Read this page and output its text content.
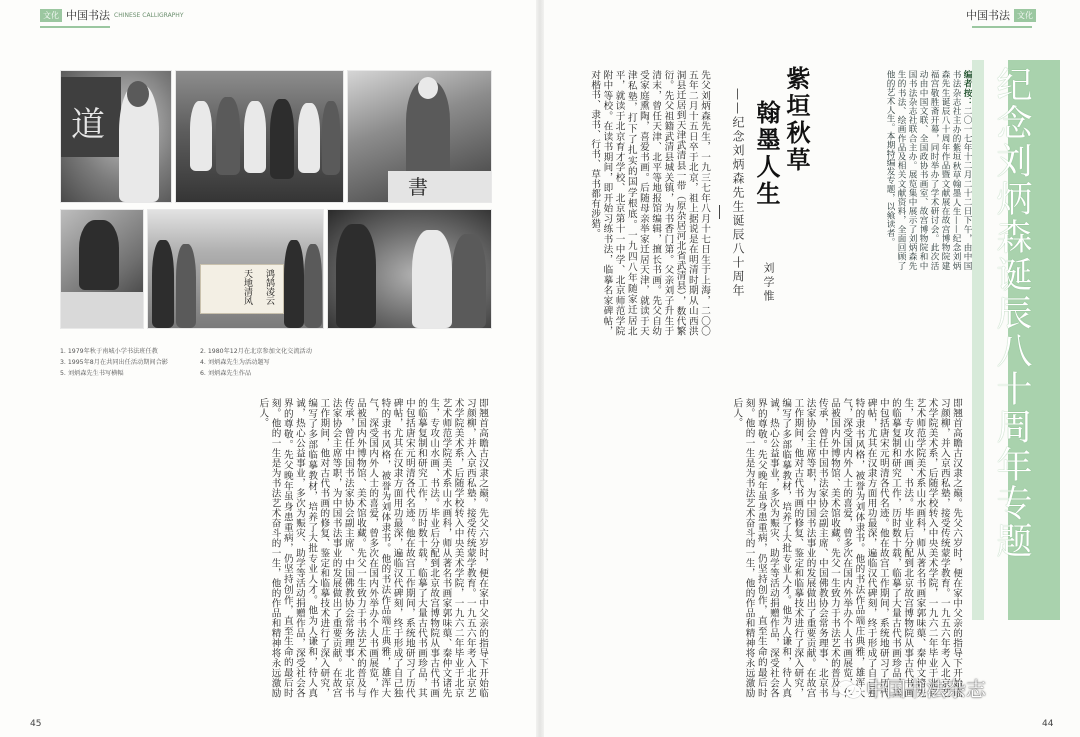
文化 中国书法 CHINESE CALLIGRAPHY	中国书法 文化
道
書
鸿鹄凌云
天地清风
1. 1979年秋于南城小学书法班任教	2. 1980年12月在北京参加文化交流活动
3. 1995年8月在共同出任活动期间合影	4. 刘炳森先生为活动题写
5. 刘炳森先生书写横幅	6. 刘炳森先生作品
即翘首高瞻古汉隶之巅。先父六岁时，便在家中父亲的指导下开始临习颜柳，并入京西私塾，接受传统蒙学教育。一九五六年考入北京艺术学院美术系，后随学校转入中央美术学院，一九六二年毕业于北京艺术师范学院美术系山水画科，师从著名书画家郭味蕖、秦仲文诸先生，专攻山水画、书法。毕业后分配到北京故宫博物院从事古代书画的临摹复制和研究工作，历时数十载，临摹了大量古代书画珍品，其中包括唐宋元明清各代名迹。他在故宫工作期间，系统地研习了历代碑帖，尤其在汉隶方面用功最深，遍临汉代碑刻，终于形成了自己独特的隶书风格，被誉为刘体隶书。他的书法作品端庄典雅，雄浑大气，深受国内外人士的喜爱，曾多次在国内外举办个人书画展览，作品被国内外博物馆、美术馆收藏。先父一生致力于书法艺术的普及与传承，曾任中国书法家协会副主席、中国佛教协会常务理事、北京书法家协会主席等职，为中国书法事业的发展做出了重要贡献。在故宫工作期间，他对古代书画的修复、鉴定和临摹技术进行了深入研究，编写了多部临摹教材，培养了大批专业人才。他为人谦和，待人真诚，热心公益事业，多次为赈灾、助学等活动捐赠作品，深受社会各界的尊敬。先父晚年虽身患重病，仍坚持创作，直至生命的最后时刻。他的一生是为书法艺术奋斗的一生，他的作品和精神将永远激励后人。
先父刘炳森先生，一九三七年八月十七日生于上海，二〇〇五年二月十五日卒于北京，祖上据说是在明清时期从山西洪洞县迁居到天津武清县一带（原杂居河北省武清县），数代繁衍。先父祖籍武清县城关镇，为书香门第。父亲刘子升生于清末，曾任天津、北平等地报馆编辑，擅长书画。先父自幼受家庭熏陶，喜爱书画。后随母亲举家迁居天津，就读于天津私塾，打下了扎实的国学根底。一九四八年随家迁居北平，就读于北京育才学校、北京第十一中学、北京师范学院附中等校。在读书期间，即开始习练书法，临摹名家碑帖，对楷书、隶书、行书、草书都有涉猎。	紫垣秋草
翰墨人生
——纪念刘炳森先生诞辰八十周年 刘学惟
编者按：二〇一七年十二月二十二日下午，由中国书法杂志社主办的紫垣秋草翰墨人生——纪念刘炳森先生诞辰八十周年作品暨文献展在故宫博物院建福宫敬胜斋开幕，同时举办了学术研讨会。此次活动由中国文联、全国政协书画室、故宫博物院和中国书法杂志社联合主办。展览集中展示了刘炳森先生的书法、绘画作品及相关文献资料，全面回顾了他的艺术人生。本期特编发专题，以飨读者。
即翘首高瞻古汉隶之巅。先父六岁时，便在家中父亲的指导下开始临习颜柳，并入京西私塾，接受传统蒙学教育。一九五六年考入北京艺术学院美术系，后随学校转入中央美术学院，一九六二年毕业于北京艺术师范学院美术系山水画科，师从著名书画家郭味蕖、秦仲文诸先生，专攻山水画、书法。毕业后分配到北京故宫博物院从事古代书画的临摹复制和研究工作，历时数十载，临摹了大量古代书画珍品，其中包括唐宋元明清各代名迹。他在故宫工作期间，系统地研习了历代碑帖，尤其在汉隶方面用功最深，遍临汉代碑刻，终于形成了自己独特的隶书风格，被誉为刘体隶书。他的书法作品端庄典雅，雄浑大气，深受国内外人士的喜爱，曾多次在国内外举办个人书画展览，作品被国内外博物馆、美术馆收藏。先父一生致力于书法艺术的普及与传承，曾任中国书法家协会副主席、中国佛教协会常务理事、北京书法家协会主席等职，为中国书法事业的发展做出了重要贡献。在故宫工作期间，他对古代书画的修复、鉴定和临摹技术进行了深入研究，编写了多部临摹教材，培养了大批专业人才。他为人谦和，待人真诚，热心公益事业，多次为赈灾、助学等活动捐赠作品，深受社会各界的尊敬。先父晚年虽身患重病，仍坚持创作，直至生命的最后时刻。他的一生是为书法艺术奋斗的一生，他的作品和精神将永远激励后人。	纪念刘炳森诞辰八十周年专题
45	44
中国书法杂志
